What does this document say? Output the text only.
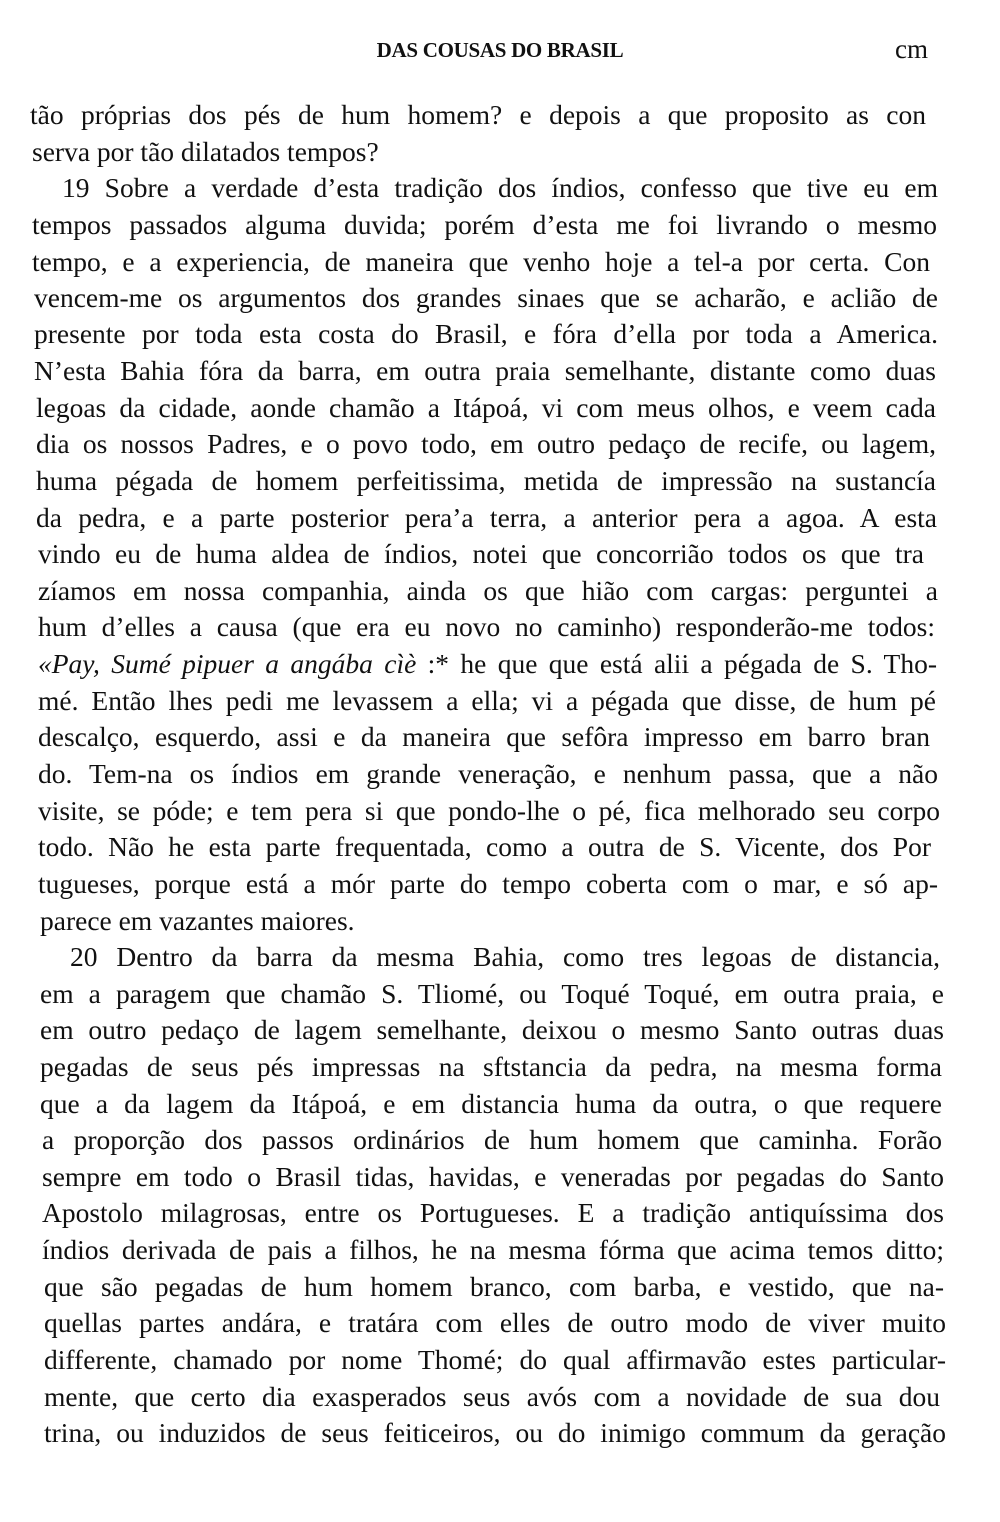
DAS COUSAS DO BRASIL	cm
tão próprias dos pés de hum homem? e depois a que proposito as con
serva por tão dilatados tempos?
19 Sobre a verdade d’esta tradição dos índios, confesso que tive eu em
tempos passados alguma duvida; porém d’esta me foi livrando o mesmo
tempo, e a experiencia, de maneira que venho hoje a tel-a por certa. Con
vencem-me os argumentos dos grandes sinaes que se acharão, e aclião de
presente por toda esta costa do Brasil, e fóra d’ella por toda a America.
N’esta Bahia fóra da barra, em outra praia semelhante, distante como duas
legoas da cidade, aonde chamão a Itápoá, vi com meus olhos, e veem cada
dia os nossos Padres, e o povo todo, em outro pedaço de recife, ou lagem,
huma pégada de homem perfeitissima, metida de impressão na sustancía
da pedra, e a parte posterior pera’a terra, a anterior pera a agoa. A esta
vindo eu de huma aldea de índios, notei que concorrião todos os que tra
zíamos em nossa companhia, ainda os que hião com cargas: perguntei a
hum d’elles a causa (que era eu novo no caminho) responderão-me todos:
«Pay, Sumé pipuer a angába cìè :* he que que está alii a pégada de S. Tho-
mé. Então lhes pedi me levassem a ella; vi a pégada que disse, de hum pé
descalço, esquerdo, assi e da maneira que sefôra impresso em barro bran
do. Tem-na os índios em grande veneração, e nenhum passa, que a não
visite, se póde; e tem pera si que pondo-lhe o pé, fica melhorado seu corpo
todo. Não he esta parte frequentada, como a outra de S. Vicente, dos Por
tugueses, porque está a mór parte do tempo coberta com o mar, e só ap-
parece em vazantes maiores.
20 Dentro da barra da mesma Bahia, como tres legoas de distancia,
em a paragem que chamão S. Tliomé, ou Toqué Toqué, em outra praia, e
em outro pedaço de lagem semelhante, deixou o mesmo Santo outras duas
pegadas de seus pés impressas na sftstancia da pedra, na mesma forma
que a da lagem da Itápoá, e em distancia huma da outra, o que requere
a proporção dos passos ordinários de hum homem que caminha. Forão
sempre em todo o Brasil tidas, havidas, e veneradas por pegadas do Santo
Apostolo milagrosas, entre os Portugueses. E a tradição antiquíssima dos
índios derivada de pais a filhos, he na mesma fórma que acima temos ditto;
que são pegadas de hum homem branco, com barba, e vestido, que na-
quellas partes andára, e tratára com elles de outro modo de viver muito
differente, chamado por nome Thomé; do qual affirmavão estes particular-
mente, que certo dia exasperados seus avós com a novidade de sua dou
trina, ou induzidos de seus feiticeiros, ou do inimigo commum da geração
